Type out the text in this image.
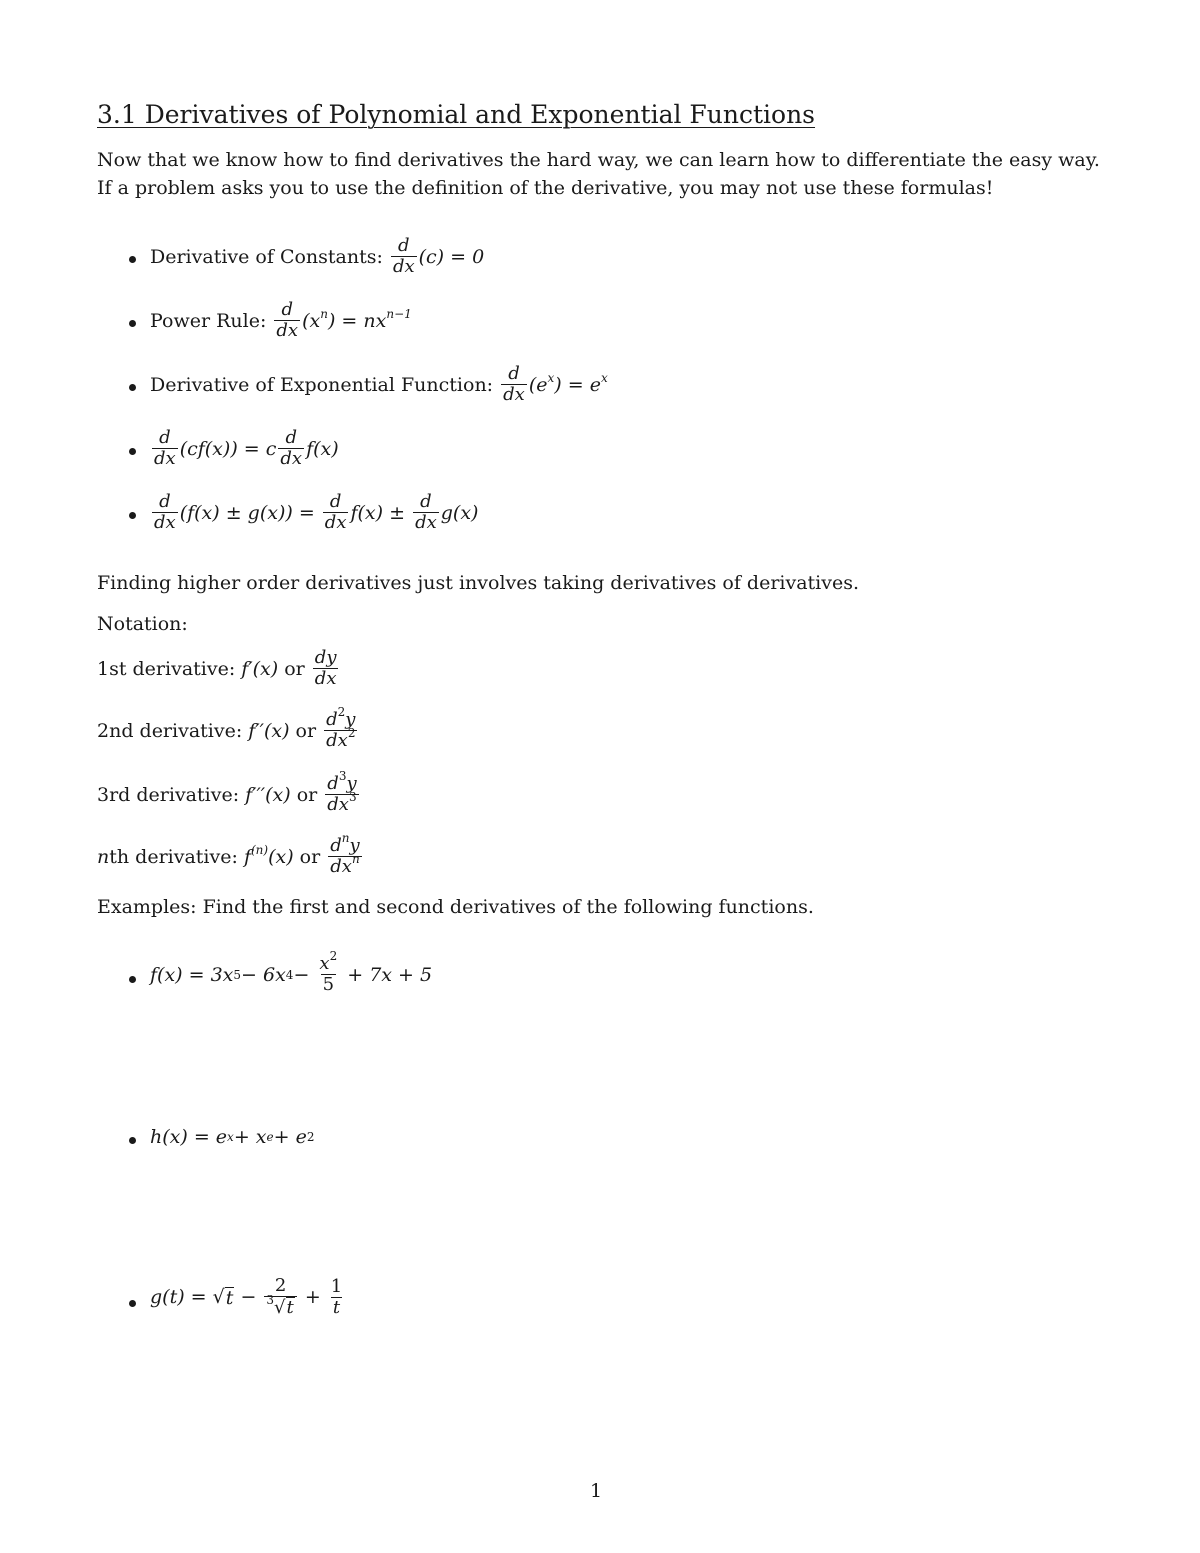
3.1 Derivatives of Polynomial and Exponential Functions
Now that we know how to find derivatives the hard way, we can learn how to differentiate the easy way. If a problem asks you to use the definition of the derivative, you may not use these formulas!
Derivative of Constants:
$\frac{d}{dx} (c) = 0$
Power Rule:
$\frac{d}{dx} (x^n) = nx^{n-1}$
Derivative of Exponential Function:
$\frac{d}{dx} (e^x) = e^x$
$\frac{d}{dx} (cf(x)) = c \frac{d}{dx} f(x)$
$\frac{d}{dx} (f(x) \pm g(x))$ =
$\frac{d}{dx} f(x)$ ±
$\frac{d}{dx} g(x)$
Finding higher order derivatives just involves taking derivatives of derivatives.
Notation:
1st derivative:
f′(x)
or
$\frac{dy}{dx}$
2nd derivative:
f′′(x)
or
$\frac{d^2y}{dx^2}$
3rd derivative:
f′′′(x)
or
$\frac{d^3y}{dx^3}$
n th derivative:
$f^{(n)}(x)$
or
$\frac{d^ny}{dx^n}$
Examples: Find the first and second derivatives of the following functions.
f(x) = 3x 5 − 6x 4 −
$\frac{x^2}{5}$
+ 7x + 5
h(x) = e x + x e + e 2
g(t) =
√ t
−
$\frac{2}{^3√t}$
+
$\frac{1}{t}$
1
